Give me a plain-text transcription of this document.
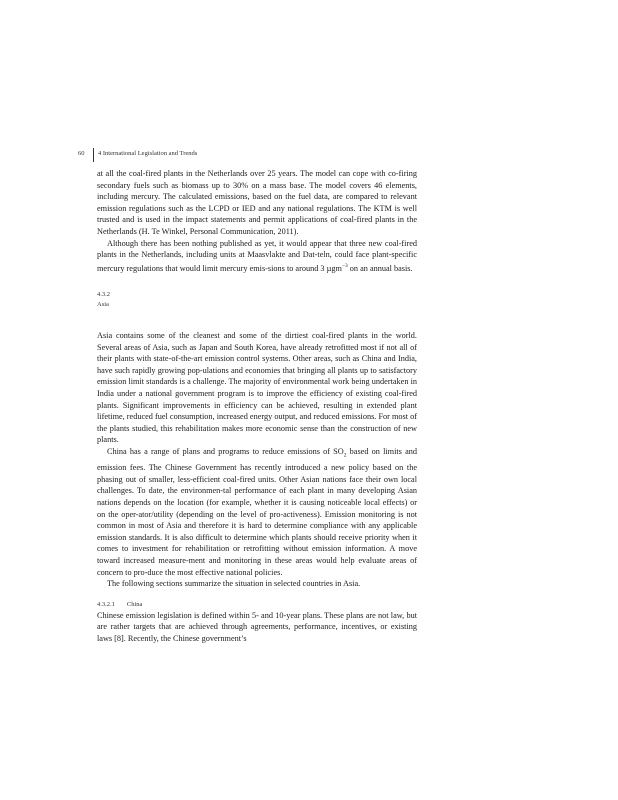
60 4 International Legislation and Trends

at all the coal-fired plants in the Netherlands over 25 years. The model can cope with co-firing secondary fuels such as biomass up to 30% on a mass base. The model covers 46 elements, including mercury. The calculated emissions, based on the fuel data, are compared to relevant emission regulations such as the LCPD or IED and any national regulations. The KTM is well trusted and is used in the impact statements and permit applications of coal-fired plants in the Netherlands (H. Te Winkel, Personal Communication, 2011).

Although there has been nothing published as yet, it would appear that three new coal-fired plants in the Netherlands, including units at Maasvlakte and Dat-teln, could face plant-specific mercury regulations that would limit mercury emis-sions to around 3 µgm$^{-3}$ on an annual basis.

4.3.2
Asia

Asia contains some of the cleanest and some of the dirtiest coal-fired plants in the world. Several areas of Asia, such as Japan and South Korea, have already retrofitted most if not all of their plants with state-of-the-art emission control systems. Other areas, such as China and India, have such rapidly growing pop-ulations and economies that bringing all plants up to satisfactory emission limit standards is a challenge. The majority of environmental work being undertaken in India under a national government program is to improve the efficiency of existing coal-fired plants. Significant improvements in efficiency can be achieved, resulting in extended plant lifetime, reduced fuel consumption, increased energy output, and reduced emissions. For most of the plants studied, this rehabilitation makes more economic sense than the construction of new plants.

China has a range of plans and programs to reduce emissions of $SO_2$ based on limits and emission fees. The Chinese Government has recently introduced a new policy based on the phasing out of smaller, less-efficient coal-fired units. Other Asian nations face their own local challenges. To date, the environmen-tal performance of each plant in many developing Asian nations depends on the location (for example, whether it is causing noticeable local effects) or on the oper-ator/utility (depending on the level of pro-activeness). Emission monitoring is not common in most of Asia and therefore it is hard to determine compliance with any applicable emission standards. It is also difficult to determine which plants should receive priority when it comes to investment for rehabilitation or retrofitting without emission information. A move toward increased measure-ment and monitoring in these areas would help evaluate areas of concern to pro-duce the most effective national policies.

The following sections summarize the situation in selected countries in Asia.

4.3.2.1 China

Chinese emission legislation is defined within 5- and 10-year plans. These plans are not law, but are rather targets that are achieved through agreements, performance, incentives, or existing laws [8]. Recently, the Chinese government’s
